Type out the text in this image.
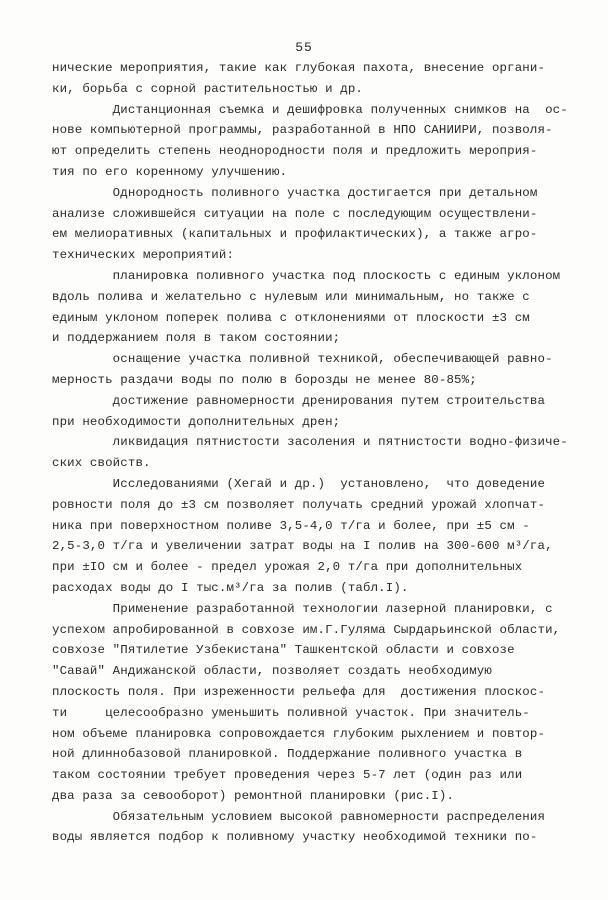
55
нические мероприятия, такие как глубокая пахота, внесение органи-
ки, борьба с сорной растительностью и др.
Дистанционная съемка и дешифровка полученных снимков на  ос-
нове компьютерной программы, разработанной в НПО САНИИРИ, позволя-
ют определить степень неоднородности поля и предложить мероприя-
тия по его коренному улучшению.
Однородность поливного участка достигается при детальном
анализе сложившейся ситуации на поле с последующим осуществлени-
ем мелиоративных (капитальных и профилактических), а также агро-
технических мероприятий:
планировка поливного участка под плоскость с единым уклоном
вдоль полива и желательно с нулевым или минимальным, но также с
единым уклоном поперек полива с отклонениями от плоскости ±3 см
и поддержанием поля в таком состоянии;
оснащение участка поливной техникой, обеспечивающей равно-
мерность раздачи воды по полю в борозды не менее 80-85%;
достижение равномерности дренирования путем строительства
при необходимости дополнительных дрен;
ликвидация пятнистости засоления и пятнистости водно-физиче-
ских свойств.
Исследованиями (Хегай и др.)  установлено,  что доведение
ровности поля до ±3 см позволяет получать средний урожай хлопчат-
ника при поверхностном поливе 3,5-4,0 т/га и более, при ±5 см -
2,5-3,0 т/га и увеличении затрат воды на I полив на 300-600 м³/га,
при ±IO см и более - предел урожая 2,0 т/га при дополнительных
расходах воды до I тыс.м³/га за полив (табл.I).
Применение разработанной технологии лазерной планировки, с
успехом апробированной в совхозе им.Г.Гуляма Сырдарьинской области,
совхозе "Пятилетие Узбекистана" Ташкентской области и совхозе
"Савай" Андижанской области, позволяет создать необходимую
плоскость поля. При изреженности рельефа для  достижения плоскос-
ти     целесообразно уменьшить поливной участок. При значитель-
ном объеме планировка сопровождается глубоким рыхлением и повтор-
ной длиннобазовой планировкой. Поддержание поливного участка в
таком состоянии требует проведения через 5-7 лет (один раз или
два раза за севооборот) ремонтной планировки (рис.I).
Обязательным условием высокой равномерности распределения
воды является подбор к поливному участку необходимой техники по-
